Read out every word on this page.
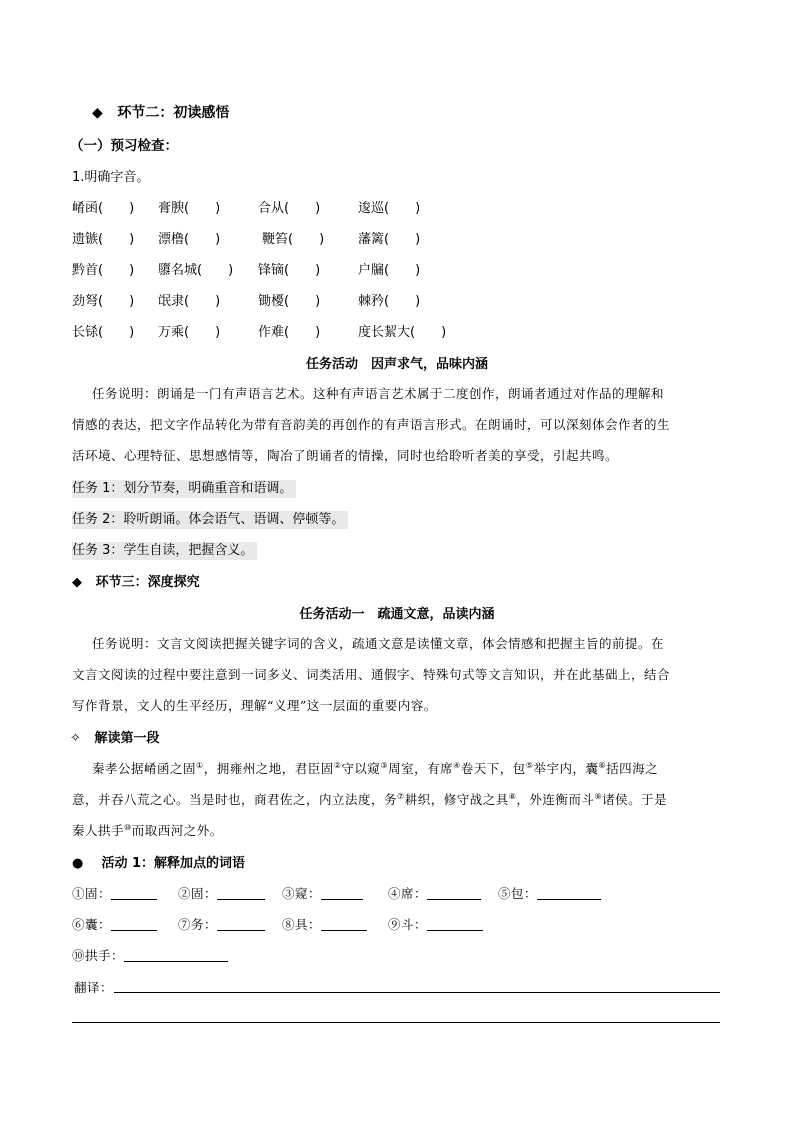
◆ 环节二：初读感悟
（一）预习检查：
1.明确字音。
崤函(　　) 膏腴(　　)	合从(　　)	逡巡(　　)
遗镞(　　) 漂橹(　　)	鞭笞(　　)	藩篱(　　)
黔首(　　) 隳名城(　　) 锋镝(　　)	户牖(　　)
劲弩(　　) 氓隶(　　)	锄櫌(　　)	棘矜(　　)
长铩(　　) 万乘(　　)	作难(　　)	度长絜大(　　)
任务活动　因声求气，品味内涵
任务说明：朗诵是一门有声语言艺术。这种有声语言艺术属于二度创作，朗诵者通过对作品的理解和
情感的表达，把文字作品转化为带有音韵美的再创作的有声语言形式。在朗诵时，可以深刻体会作者的生
活环境、心理特征、思想感情等，陶冶了朗诵者的情操，同时也给聆听者美的享受，引起共鸣。
任务 1：划分节奏，明确重音和语调。
任务 2：聆听朗诵。体会语气、语调、停顿等。
任务 3：学生自读，把握含义。
◆ 环节三：深度探究
任务活动一　疏通文意，品读内涵
任务说明：文言文阅读把握关键字词的含义，疏通文意是读懂文章，体会情感和把握主旨的前提。在
文言文阅读的过程中要注意到一词多义、词类活用、通假字、特殊句式等文言知识，并在此基础上，结合
写作背景，文人的生平经历，理解“义理”这一层面的重要内容。
✧ 解读第一段
秦孝公据崤函之固①，拥雍州之地，君臣固②守以窥③周室，有席④卷天下，包⑤举宇内，囊⑥括四海之
意，并吞八荒之心。当是时也，商君佐之，内立法度，务⑦耕织，修守战之具⑧，外连衡而斗⑨诸侯。于是
秦人拱手⑩而取西河之外。
● 活动 1：解释加点的词语
①固：	②固：	③窥：	④席：	⑤包：
⑥囊：	⑦务：	⑧具：	⑨斗：
⑩拱手：
翻译：
